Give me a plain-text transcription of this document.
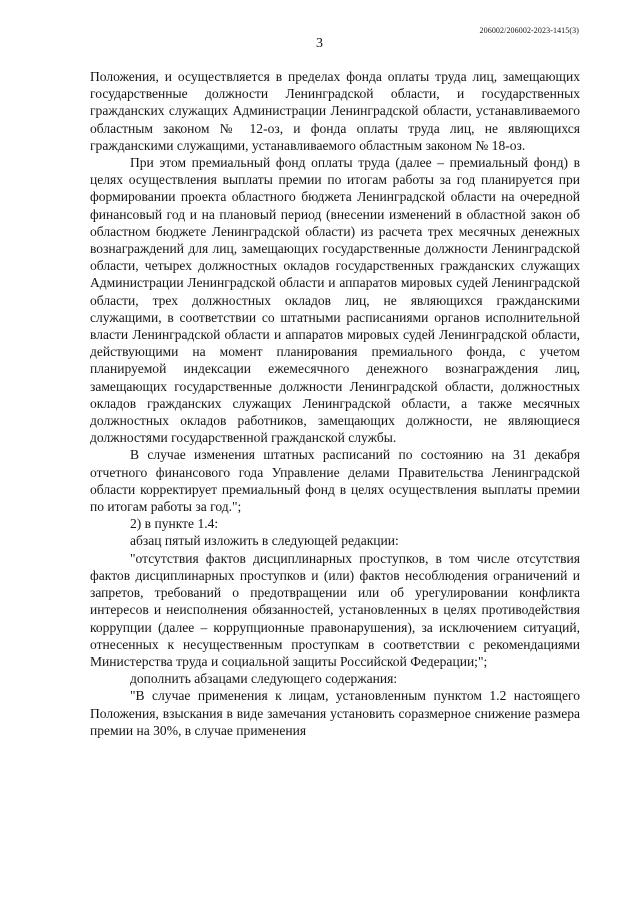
206002/206002-2023-1415(3)
3

Положения, и осуществляется в пределах фонда оплаты труда лиц, замещающих государственные должности Ленинградской области, и государственных гражданских служащих Администрации Ленинградской области, устанавливаемого областным законом № 12-оз, и фонда оплаты труда лиц, не являющихся гражданскими служащими, устанавливаемого областным законом № 18-оз.

При этом премиальный фонд оплаты труда (далее – премиальный фонд) в целях осуществления выплаты премии по итогам работы за год планируется при формировании проекта областного бюджета Ленинградской области на очередной финансовый год и на плановый период (внесении изменений в областной закон об областном бюджете Ленинградской области) из расчета трех месячных денежных вознаграждений для лиц, замещающих государственные должности Ленинградской области, четырех должностных окладов государственных гражданских служащих Администрации Ленинградской области и аппаратов мировых судей Ленинградской области, трех должностных окладов лиц, не являющихся гражданскими служащими, в соответствии со штатными расписаниями органов исполнительной власти Ленинградской области и аппаратов мировых судей Ленинградской области, действующими на момент планирования премиального фонда, с учетом планируемой индексации ежемесячного денежного вознаграждения лиц, замещающих государственные должности Ленинградской области, должностных окладов гражданских служащих Ленинградской области, а также месячных должностных окладов работников, замещающих должности, не являющиеся должностями государственной гражданской службы.

В случае изменения штатных расписаний по состоянию на 31 декабря отчетного финансового года Управление делами Правительства Ленинградской области корректирует премиальный фонд в целях осуществления выплаты премии по итогам работы за год.";

2) в пункте 1.4:

абзац пятый изложить в следующей редакции:

"отсутствия фактов дисциплинарных проступков, в том числе отсутствия фактов дисциплинарных проступков и (или) фактов несоблюдения ограничений и запретов, требований о предотвращении или об урегулировании конфликта интересов и неисполнения обязанностей, установленных в целях противодействия коррупции (далее – коррупционные правонарушения), за исключением ситуаций, отнесенных к несущественным проступкам в соответствии с рекомендациями Министерства труда и социальной защиты Российской Федерации;";

дополнить абзацами следующего содержания:

"В случае применения к лицам, установленным пунктом 1.2 настоящего Положения, взыскания в виде замечания установить соразмерное снижение размера премии на 30%, в случае применения
